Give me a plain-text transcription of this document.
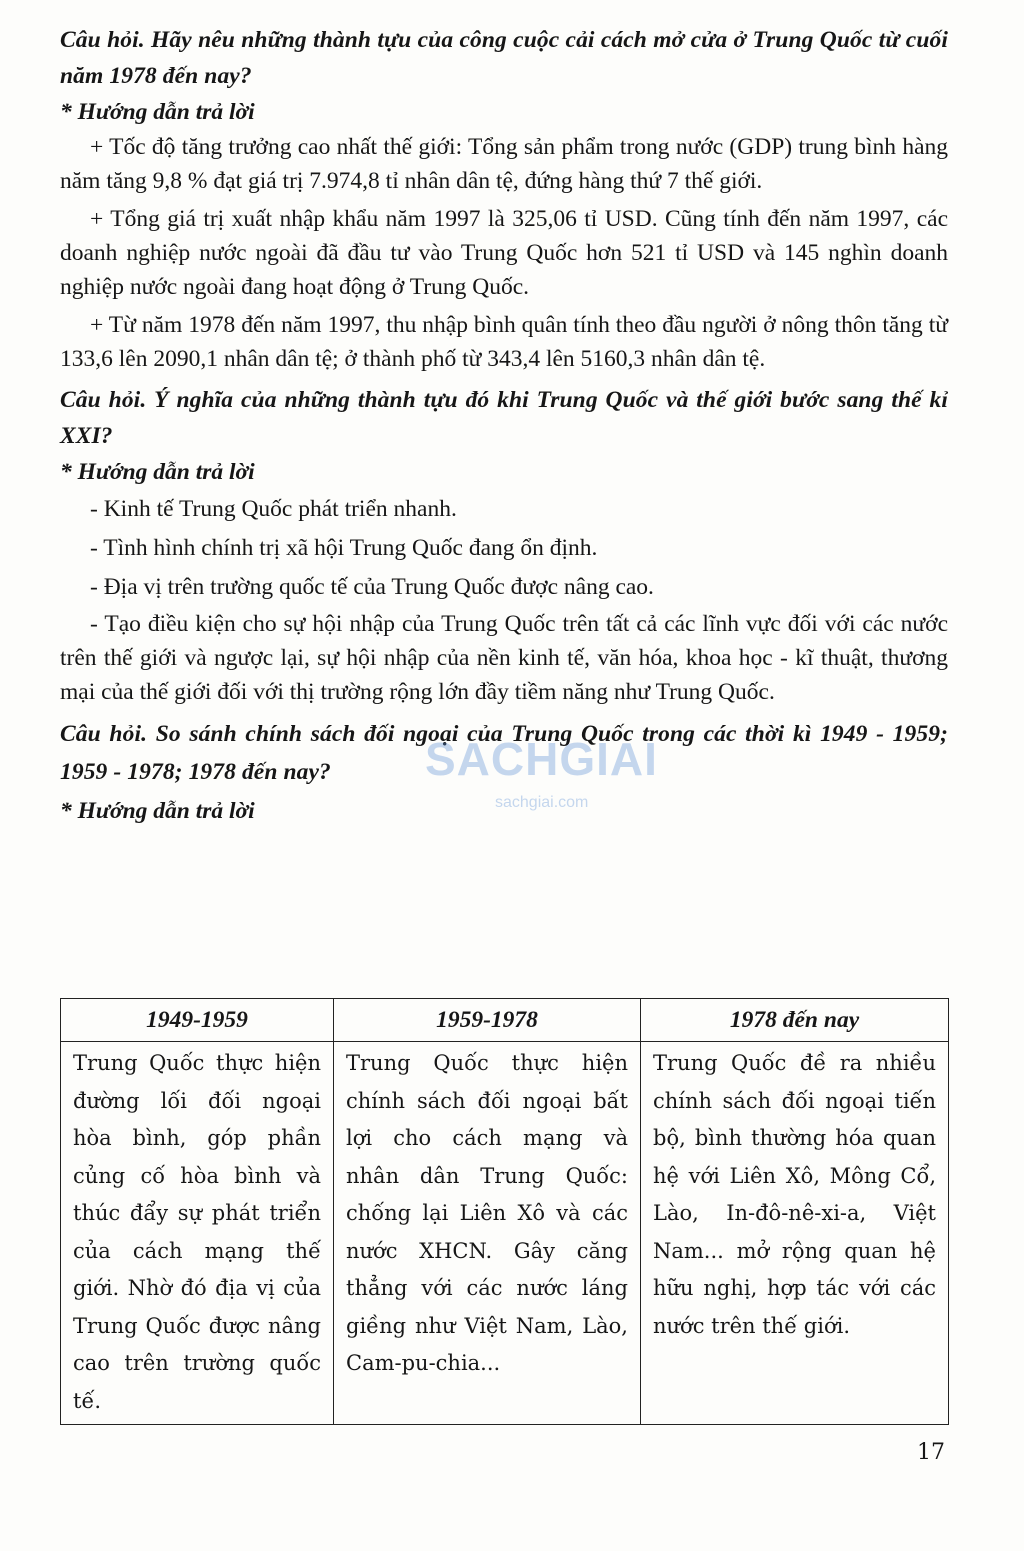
Câu hỏi. Hãy nêu những thành tựu của công cuộc cải cách mở cửa ở Trung Quốc từ cuối năm 1978 đến nay?

* Hướng dẫn trả lời

+ Tốc độ tăng trưởng cao nhất thế giới: Tổng sản phẩm trong nước (GDP) trung bình hàng năm tăng 9,8 % đạt giá trị 7.974,8 tỉ nhân dân tệ, đứng hàng thứ 7 thế giới.

+ Tổng giá trị xuất nhập khẩu năm 1997 là 325,06 tỉ USD. Cũng tính đến năm 1997, các doanh nghiệp nước ngoài đã đầu tư vào Trung Quốc hơn 521 tỉ USD và 145 nghìn doanh nghiệp nước ngoài đang hoạt động ở Trung Quốc.

+ Từ năm 1978 đến năm 1997, thu nhập bình quân tính theo đầu người ở nông thôn tăng từ 133,6 lên 2090,1 nhân dân tệ; ở thành phố từ 343,4 lên 5160,3 nhân dân tệ.

Câu hỏi. Ý nghĩa của những thành tựu đó khi Trung Quốc và thế giới bước sang thế kỉ XXI?

* Hướng dẫn trả lời

- Kinh tế Trung Quốc phát triển nhanh.

- Tình hình chính trị xã hội Trung Quốc đang ổn định.

- Địa vị trên trường quốc tế của Trung Quốc được nâng cao.

- Tạo điều kiện cho sự hội nhập của Trung Quốc trên tất cả các lĩnh vực đối với các nước trên thế giới và ngược lại, sự hội nhập của nền kinh tế, văn hóa, khoa học - kĩ thuật, thương mại của thế giới đối với thị trường rộng lớn đầy tiềm năng như Trung Quốc.

Câu hỏi. So sánh chính sách đối ngoại của Trung Quốc trong các thời kì 1949 - 1959; 1959 - 1978; 1978 đến nay?

* Hướng dẫn trả lời

SACHGIAI
sachgiai.com
1949-1959	1959-1978	1978 đến nay
Trung Quốc thực hiện đường lối đối ngoại hòa bình, góp phần củng cố hòa bình và thúc đẩy sự phát triển của cách mạng thế giới. Nhờ đó địa vị của Trung Quốc được nâng cao trên trường quốc tế.	Trung Quốc thực hiện chính sách đối ngoại bất lợi cho cách mạng và nhân dân Trung Quốc: chống lại Liên Xô và các nước XHCN. Gây căng thẳng với các nước láng giềng như Việt Nam, Lào, Cam-pu-chia...	Trung Quốc đề ra nhiều chính sách đối ngoại tiến bộ, bình thường hóa quan hệ với Liên Xô, Mông Cổ, Lào, In-đô-nê-xi-a, Việt Nam... mở rộng quan hệ hữu nghị, hợp tác với các nước trên thế giới.
17
